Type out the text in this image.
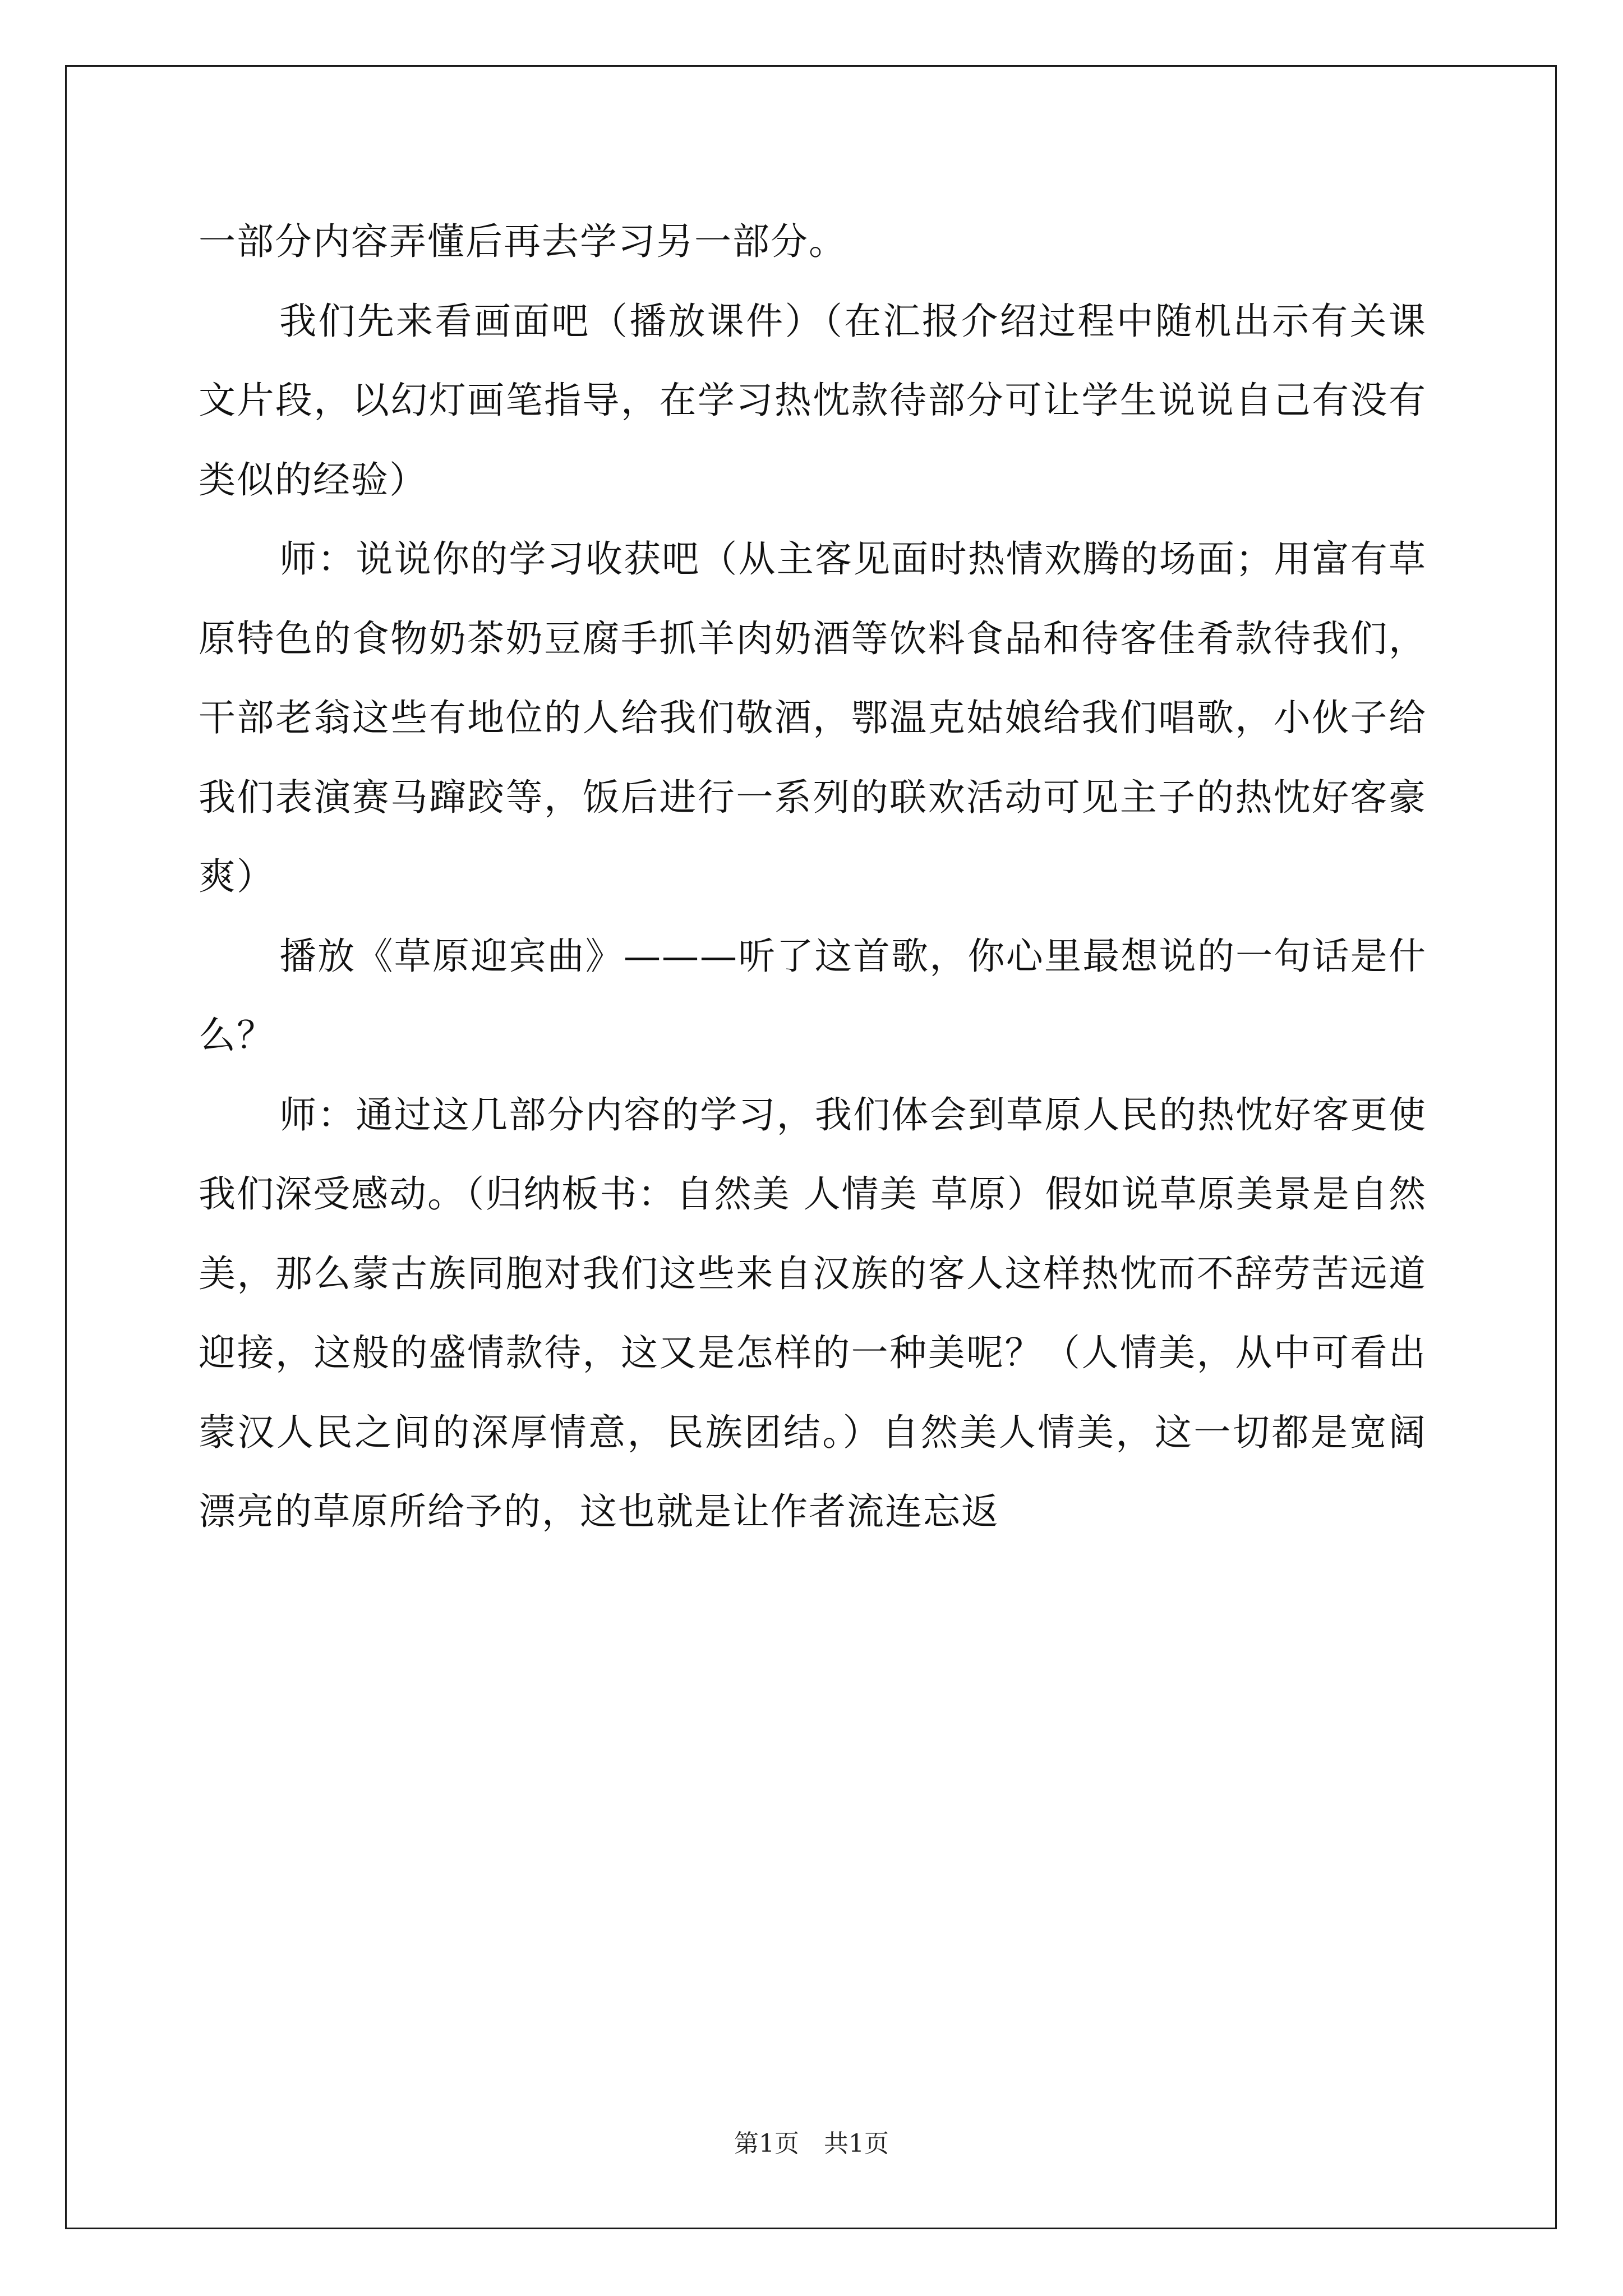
一部分内容弄懂后再去学习另一部分。

我们先来看画面吧（播放课件）（在汇报介绍过程中随机出示有关课文片段，以幻灯画笔指导，在学习热忱款待部分可让学生说说自己有没有类似的经验）

师：说说你的学习收获吧（从主客见面时热情欢腾的场面；用富有草原特色的食物奶茶奶豆腐手抓羊肉奶酒等饮料食品和待客佳肴款待我们，干部老翁这些有地位的人给我们敬酒，鄂温克姑娘给我们唱歌，小伙子给我们表演赛马蹿跤等，饭后进行一系列的联欢活动可见主子的热忱好客豪爽）

播放《草原迎宾曲》———听了这首歌，你心里最想说的一句话是什么？

师：通过这几部分内容的学习，我们体会到草原人民的热忱好客更使我们深受感动。（归纳板书：自然美 人情美 草原）假如说草原美景是自然美，那么蒙古族同胞对我们这些来自汉族的客人这样热忱而不辞劳苦远道迎接，这般的盛情款待，这又是怎样的一种美呢？（人情美，从中可看出蒙汉人民之间的深厚情意，民族团结。）自然美人情美，这一切都是宽阔漂亮的草原所给予的，这也就是让作者流连忘返

第1页 共1页
